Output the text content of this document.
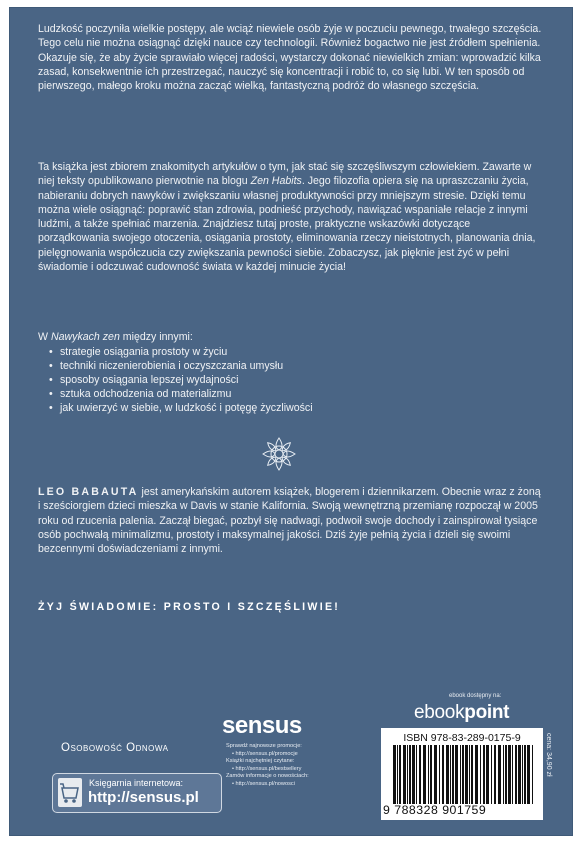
Ludzkość poczyniła wielkie postępy, ale wciąż niewiele osób żyje w poczuciu pewnego, trwałego szczęścia. Tego celu nie można osiągnąć dzięki nauce czy technologii. Również bogactwo nie jest źródłem spełnienia. Okazuje się, że aby życie sprawiało więcej radości, wystarczy dokonać niewielkich zmian: wprowadzić kilka zasad, konsekwentnie ich przestrzegać, nauczyć się koncentracji i robić to, co się lubi. W ten sposób od pierwszego, małego kroku można zacząć wielką, fantastyczną podróż do własnego szczęścia.
Ta książka jest zbiorem znakomitych artykułów o tym, jak stać się szczęśliwszym człowiekiem. Zawarte w niej teksty opublikowano pierwotnie na blogu Zen Habits. Jego filozofia opiera się na upraszczaniu życia, nabieraniu dobrych nawyków i zwiększaniu własnej produktywności przy mniejszym stresie. Dzięki temu można wiele osiągnąć: poprawić stan zdrowia, podnieść przychody, nawiązać wspaniałe relacje z innymi ludźmi, a także spełniać marzenia. Znajdziesz tutaj proste, praktyczne wskazówki dotyczące porządkowania swojego otoczenia, osiągania prostoty, eliminowania rzeczy nieistotnych, planowania dnia, pielęgnowania współczucia czy zwiększania pewności siebie. Zobaczysz, jak pięknie jest żyć w pełni świadomie i odczuwać cudowność świata w każdej minucie życia!
W Nawykach zen między innymi:
• strategie osiągania prostoty w życiu
• techniki niczenierobienia i oczyszczania umysłu
• sposoby osiągania lepszej wydajności
• sztuka odchodzenia od materializmu
• jak uwierzyć w siebie, w ludzkość i potęgę życzliwości
LEO BABAUTA jest amerykańskim autorem książek, blogerem i dziennikarzem. Obecnie wraz z żoną i sześciorgiem dzieci mieszka w Davis w stanie Kalifornia. Swoją wewnętrzną przemianę rozpoczął w 2005 roku od rzucenia palenia. Zaczął biegać, pozbył się nadwagi, podwoił swoje dochody i zainspirował tysiące osób pochwałą minimalizmu, prostoty i maksymalnej jakości. Dziś żyje pełnią życia i dzieli się swoimi bezcennymi doświadczeniami z innymi.
ŻYJ ŚWIADOMIE: PROSTO I SZCZĘŚLIWIE!
ebook dostępny na:
ebookpoint
sensus
Osobowość Odnowa	Sprawdź najnowsze promocje:
• http://sensus.pl/promocje
Książki najchętniej czytane:
• http://sensus.pl/bestsellery
Zamów informacje o nowościach:
• http://sensus.pl/nowosci
Księgarnia internetowa:
http://sensus.pl
ISBN 978-83-289-0175-9
9 788328 901759
cena: 34,90 zł
